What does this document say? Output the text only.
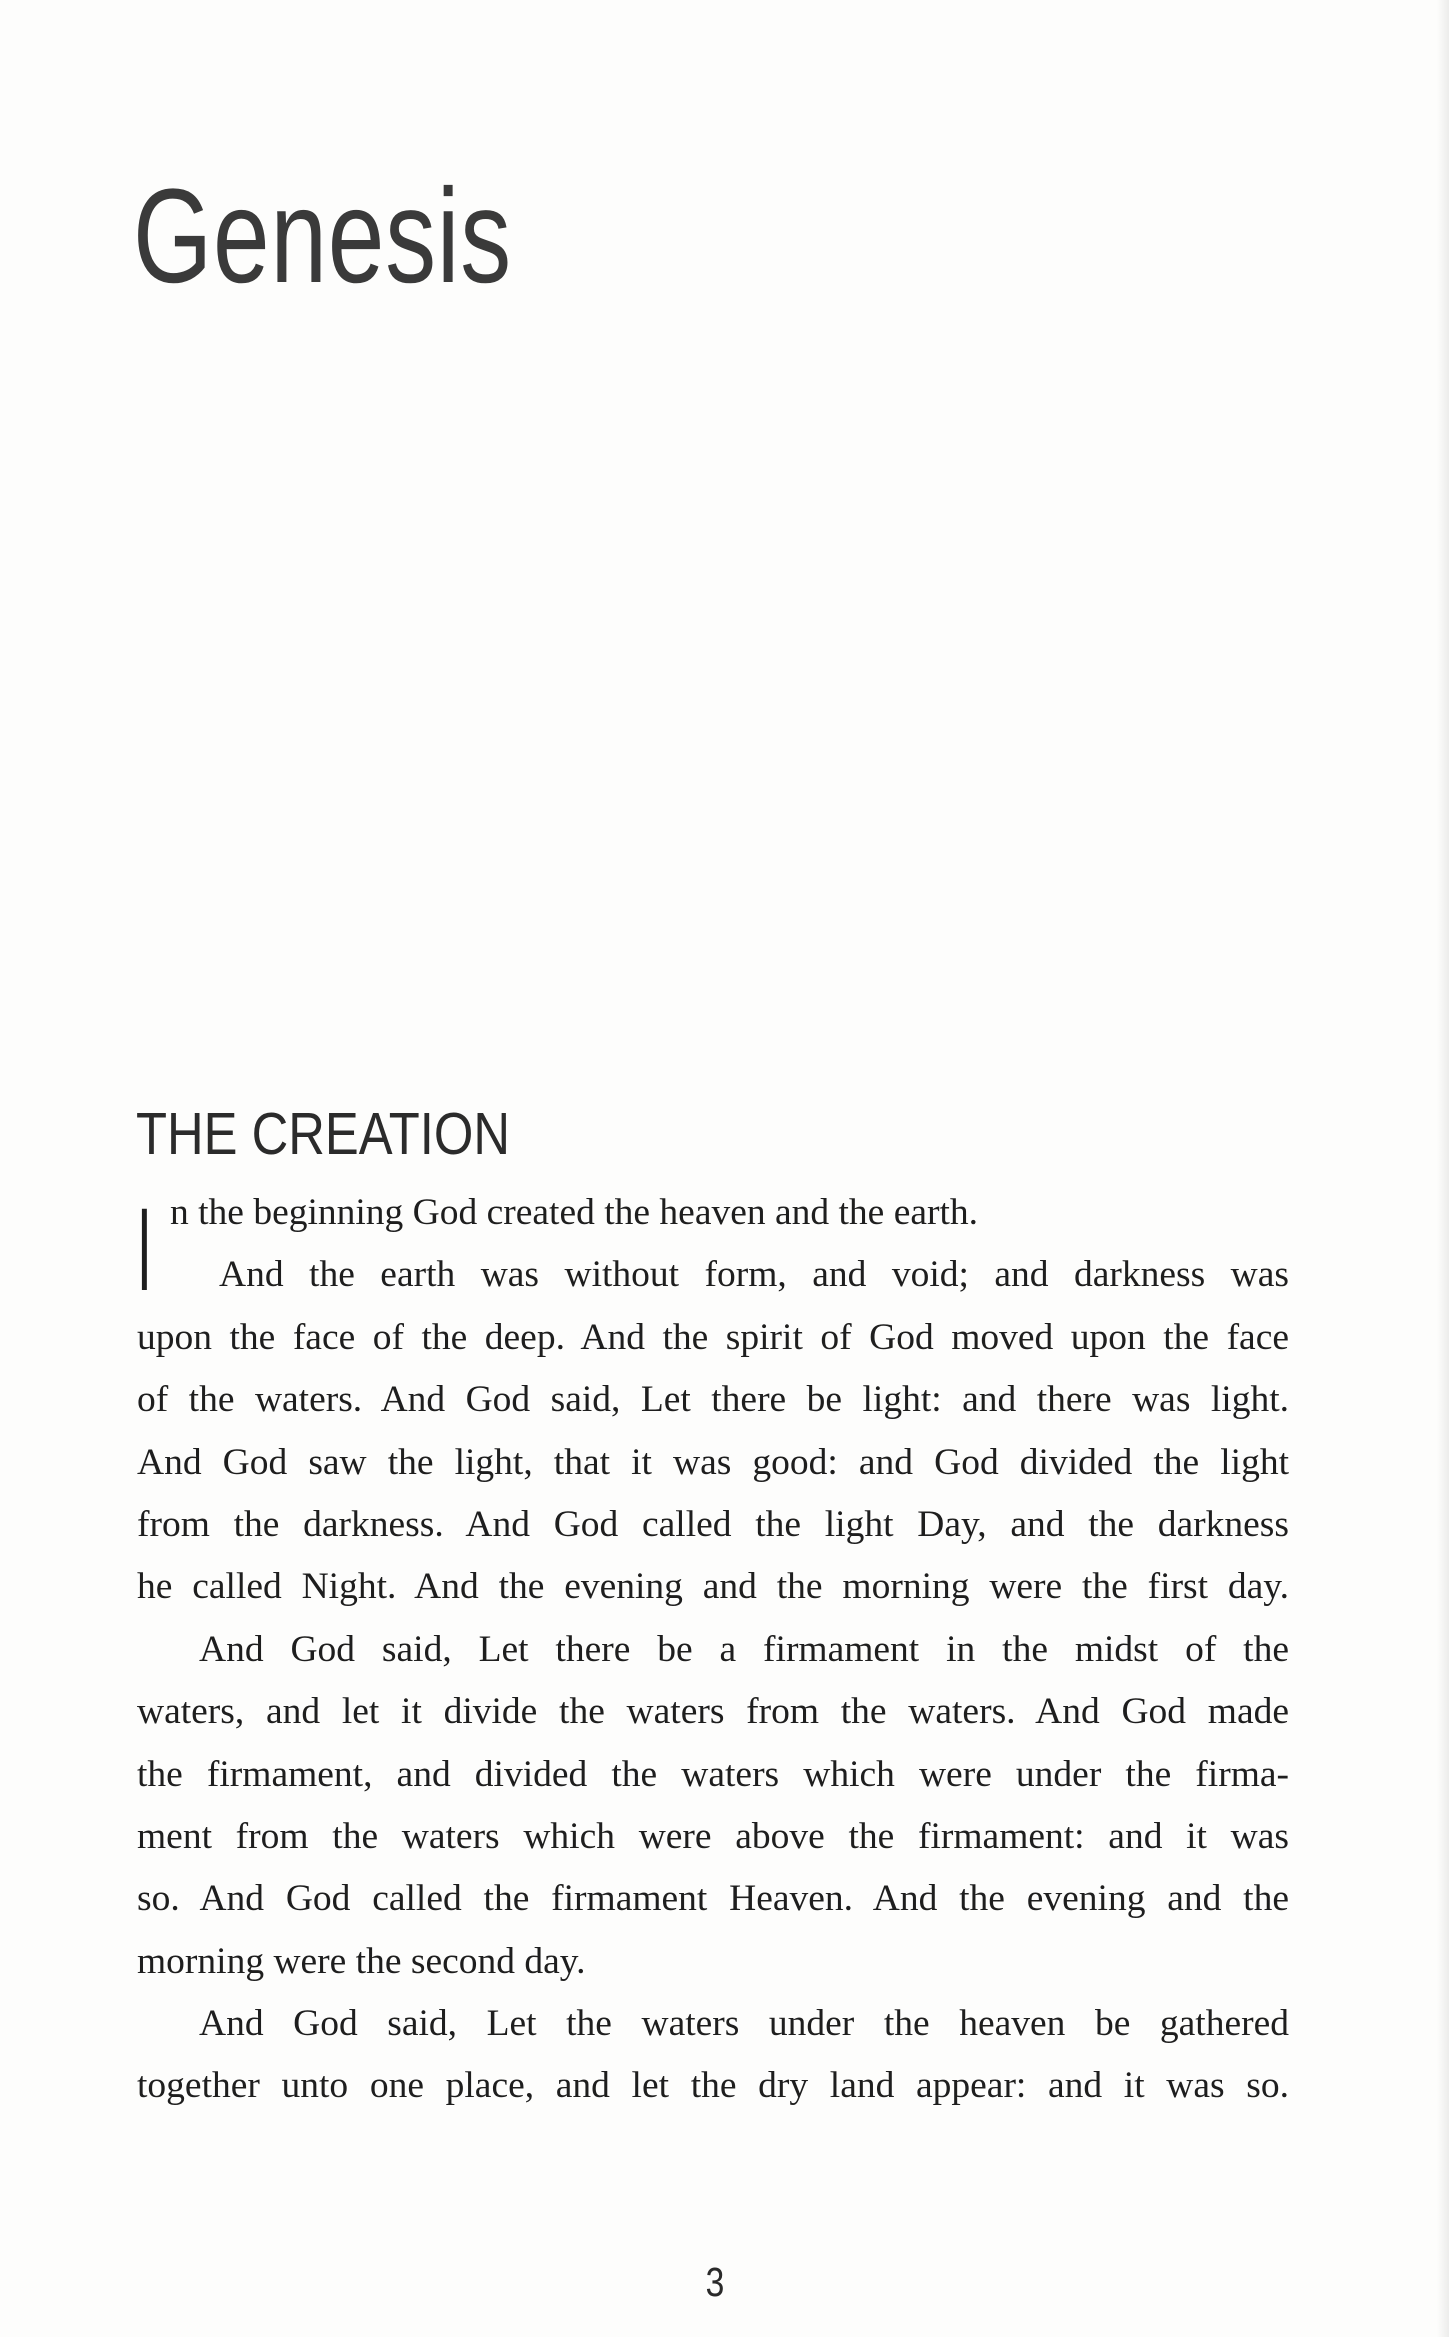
Genesis
THE CREATION
I n the beginning God created the heaven and the earth.
And the earth was without form, and void; and darkness was
upon the face of the deep. And the spirit of God moved upon the face
of the waters. And God said, Let there be light: and there was light.
And God saw the light, that it was good: and God divided the light
from the darkness. And God called the light Day, and the darkness
he called Night. And the evening and the morning were the first day.
And God said, Let there be a firmament in the midst of the
waters, and let it divide the waters from the waters. And God made
the firmament, and divided the waters which were under the firma-
ment from the waters which were above the firmament: and it was
so. And God called the firmament Heaven. And the evening and the
morning were the second day.
And God said, Let the waters under the heaven be gathered
together unto one place, and let the dry land appear: and it was so.
3
